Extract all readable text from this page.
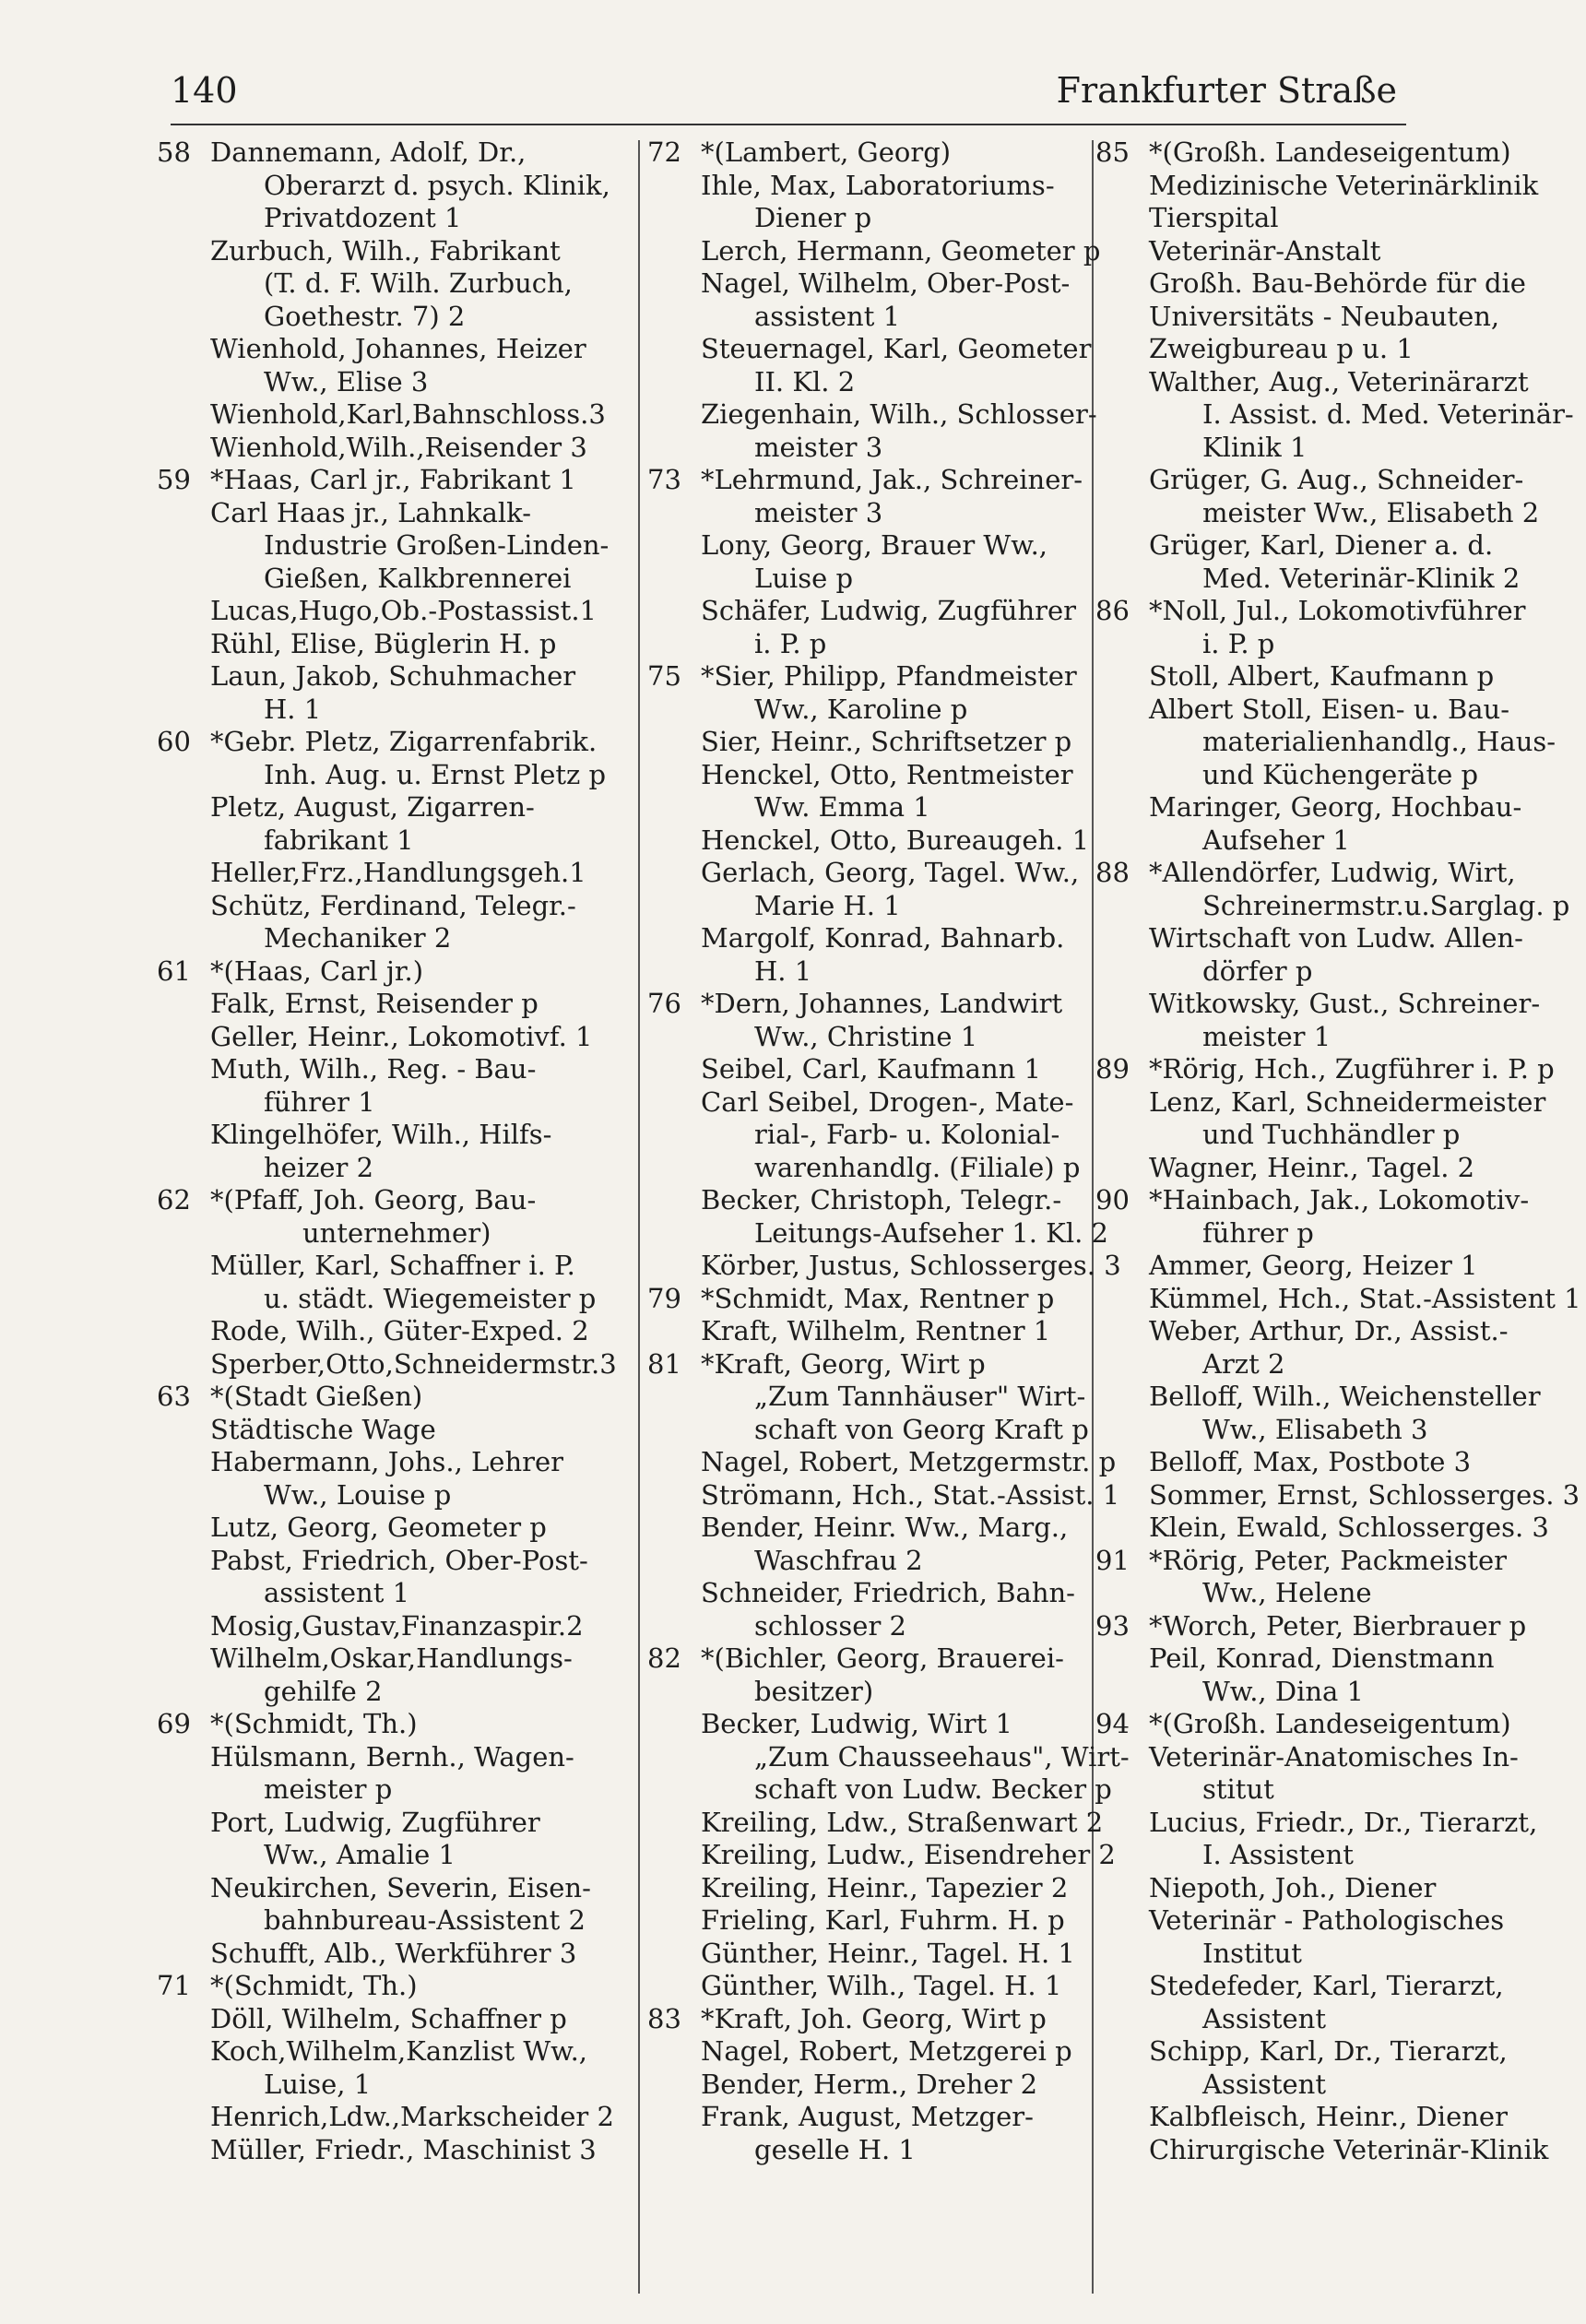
140	Frankfurter Straße
58 Dannemann, Adolf, Dr.,
Oberarzt d. psych. Klinik,
Privatdozent 1
Zurbuch, Wilh., Fabrikant
(T. d. F. Wilh. Zurbuch,
Goethestr. 7) 2
Wienhold, Johannes, Heizer
Ww., Elise 3
Wienhold,Karl,Bahnschloss.3
Wienhold,Wilh.,Reisender 3
59 *Haas, Carl jr., Fabrikant 1
Carl Haas jr., Lahnkalk-
Industrie Großen-Linden-
Gießen, Kalkbrennerei
Lucas,Hugo,Ob.-Postassist.1
Rühl, Elise, Büglerin H. p
Laun, Jakob, Schuhmacher
H. 1
60 *Gebr. Pletz, Zigarrenfabrik.
Inh. Aug. u. Ernst Pletz p
Pletz, August, Zigarren-
fabrikant 1
Heller,Frz.,Handlungsgeh.1
Schütz, Ferdinand, Telegr.-
Mechaniker 2
61 *(Haas, Carl jr.)
Falk, Ernst, Reisender p
Geller, Heinr., Lokomotivf. 1
Muth, Wilh., Reg. - Bau-
führer 1
Klingelhöfer, Wilh., Hilfs-
heizer 2
62 *(Pfaff, Joh. Georg, Bau-
unternehmer)
Müller, Karl, Schaffner i. P.
u. städt. Wiegemeister p
Rode, Wilh., Güter-Exped. 2
Sperber,Otto,Schneidermstr.3
63 *(Stadt Gießen)
Städtische Wage
Habermann, Johs., Lehrer
Ww., Louise p
Lutz, Georg, Geometer p
Pabst, Friedrich, Ober-Post-
assistent 1
Mosig,Gustav,Finanzaspir.2
Wilhelm,Oskar,Handlungs-
gehilfe 2
69 *(Schmidt, Th.)
Hülsmann, Bernh., Wagen-
meister p
Port, Ludwig, Zugführer
Ww., Amalie 1
Neukirchen, Severin, Eisen-
bahnbureau-Assistent 2
Schufft, Alb., Werkführer 3
71 *(Schmidt, Th.)
Döll, Wilhelm, Schaffner p
Koch,Wilhelm,Kanzlist Ww.,
Luise, 1
Henrich,Ldw.,Markscheider 2
Müller, Friedr., Maschinist 3
72 *(Lambert, Georg)
Ihle, Max, Laboratoriums-
Diener p
Lerch, Hermann, Geometer p
Nagel, Wilhelm, Ober-Post-
assistent 1
Steuernagel, Karl, Geometer
II. Kl. 2
Ziegenhain, Wilh., Schlosser-
meister 3
73 *Lehrmund, Jak., Schreiner-
meister 3
Lony, Georg, Brauer Ww.,
Luise p
Schäfer, Ludwig, Zugführer
i. P. p
75 *Sier, Philipp, Pfandmeister
Ww., Karoline p
Sier, Heinr., Schriftsetzer p
Henckel, Otto, Rentmeister
Ww. Emma 1
Henckel, Otto, Bureaugeh. 1
Gerlach, Georg, Tagel. Ww.,
Marie H. 1
Margolf, Konrad, Bahnarb.
H. 1
76 *Dern, Johannes, Landwirt
Ww., Christine 1
Seibel, Carl, Kaufmann 1
Carl Seibel, Drogen-, Mate-
rial-, Farb- u. Kolonial-
warenhandlg. (Filiale) p
Becker, Christoph, Telegr.-
Leitungs-Aufseher 1. Kl. 2
Körber, Justus, Schlosserges. 3
79 *Schmidt, Max, Rentner p
Kraft, Wilhelm, Rentner 1
81 *Kraft, Georg, Wirt p
„Zum Tannhäuser" Wirt-
schaft von Georg Kraft p
Nagel, Robert, Metzgermstr. p
Strömann, Hch., Stat.-Assist. 1
Bender, Heinr. Ww., Marg.,
Waschfrau 2
Schneider, Friedrich, Bahn-
schlosser 2
82 *(Bichler, Georg, Brauerei-
besitzer)
Becker, Ludwig, Wirt 1
„Zum Chausseehaus", Wirt-
schaft von Ludw. Becker p
Kreiling, Ldw., Straßenwart 2
Kreiling, Ludw., Eisendreher 2
Kreiling, Heinr., Tapezier 2
Frieling, Karl, Fuhrm. H. p
Günther, Heinr., Tagel. H. 1
Günther, Wilh., Tagel. H. 1
83 *Kraft, Joh. Georg, Wirt p
Nagel, Robert, Metzgerei p
Bender, Herm., Dreher 2
Frank, August, Metzger-
geselle H. 1
85 *(Großh. Landeseigentum)
Medizinische Veterinärklinik
Tierspital
Veterinär-Anstalt
Großh. Bau-Behörde für die
Universitäts - Neubauten,
Zweigbureau p u. 1
Walther, Aug., Veterinärarzt
I. Assist. d. Med. Veterinär-
Klinik 1
Grüger, G. Aug., Schneider-
meister Ww., Elisabeth 2
Grüger, Karl, Diener a. d.
Med. Veterinär-Klinik 2
86 *Noll, Jul., Lokomotivführer
i. P. p
Stoll, Albert, Kaufmann p
Albert Stoll, Eisen- u. Bau-
materialienhandlg., Haus-
und Küchengeräte p
Maringer, Georg, Hochbau-
Aufseher 1
88 *Allendörfer, Ludwig, Wirt,
Schreinermstr.u.Sarglag. p
Wirtschaft von Ludw. Allen-
dörfer p
Witkowsky, Gust., Schreiner-
meister 1
89 *Rörig, Hch., Zugführer i. P. p
Lenz, Karl, Schneidermeister
und Tuchhändler p
Wagner, Heinr., Tagel. 2
90 *Hainbach, Jak., Lokomotiv-
führer p
Ammer, Georg, Heizer 1
Kümmel, Hch., Stat.-Assistent 1
Weber, Arthur, Dr., Assist.-
Arzt 2
Belloff, Wilh., Weichensteller
Ww., Elisabeth 3
Belloff, Max, Postbote 3
Sommer, Ernst, Schlosserges. 3
Klein, Ewald, Schlosserges. 3
91 *Rörig, Peter, Packmeister
Ww., Helene
93 *Worch, Peter, Bierbrauer p
Peil, Konrad, Dienstmann
Ww., Dina 1
94 *(Großh. Landeseigentum)
Veterinär-Anatomisches In-
stitut
Lucius, Friedr., Dr., Tierarzt,
I. Assistent
Niepoth, Joh., Diener
Veterinär - Pathologisches
Institut
Stedefeder, Karl, Tierarzt,
Assistent
Schipp, Karl, Dr., Tierarzt,
Assistent
Kalbfleisch, Heinr., Diener
Chirurgische Veterinär-Klinik
